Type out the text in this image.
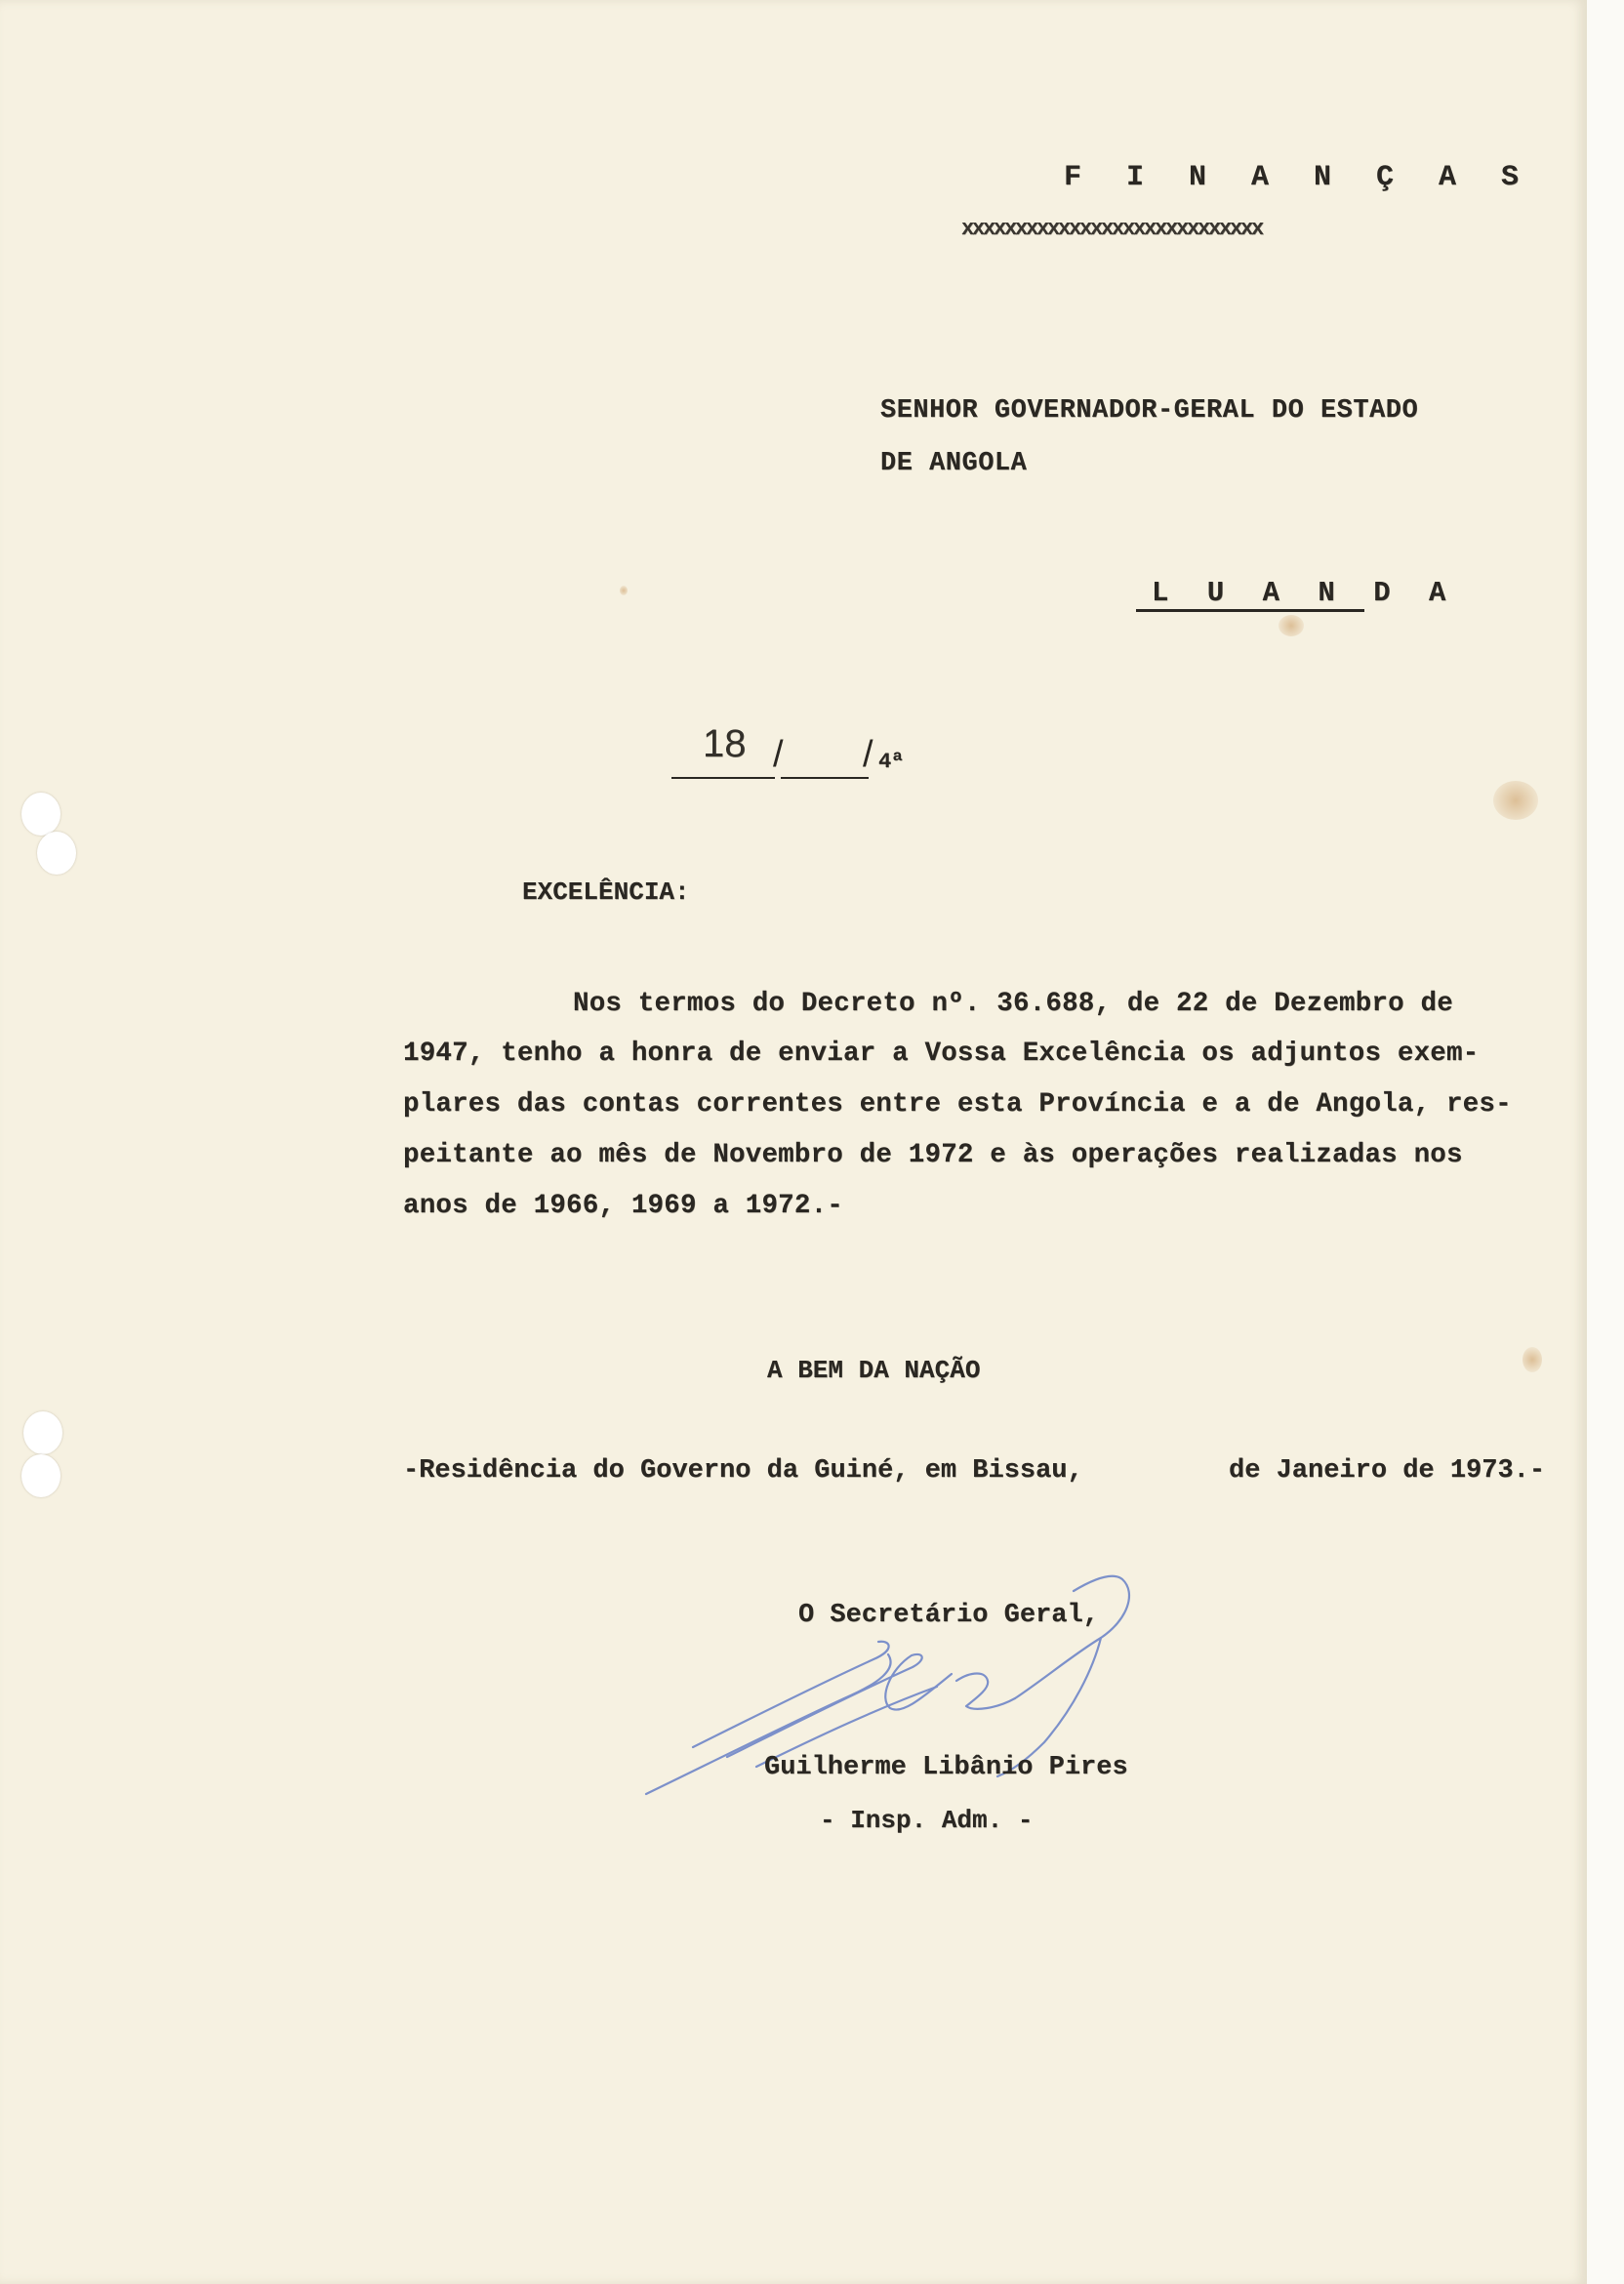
F I N A N Ç A S
xxxxxxxxxxxxxxxxxxxxxxxxxxxx
SENHOR GOVERNADOR-GERAL DO ESTADO
DE ANGOLA
L U A N D A
18 / / 4ª
EXCELÊNCIA:
Nos termos do Decreto nº. 36.688, de 22 de Dezembro de
1947, tenho a honra de enviar a Vossa Excelência os adjuntos exem-
plares das contas correntes entre esta Província e a de Angola, res-
peitante ao mês de Novembro de 1972 e às operações realizadas nos
anos de 1966, 1969 a 1972.-
A BEM DA NAÇÃO
-Residência do Governo da Guiné, em Bissau,	de Janeiro de 1973.-
O Secretário Geral,
Guilherme Libânio Pires
- Insp. Adm. -
